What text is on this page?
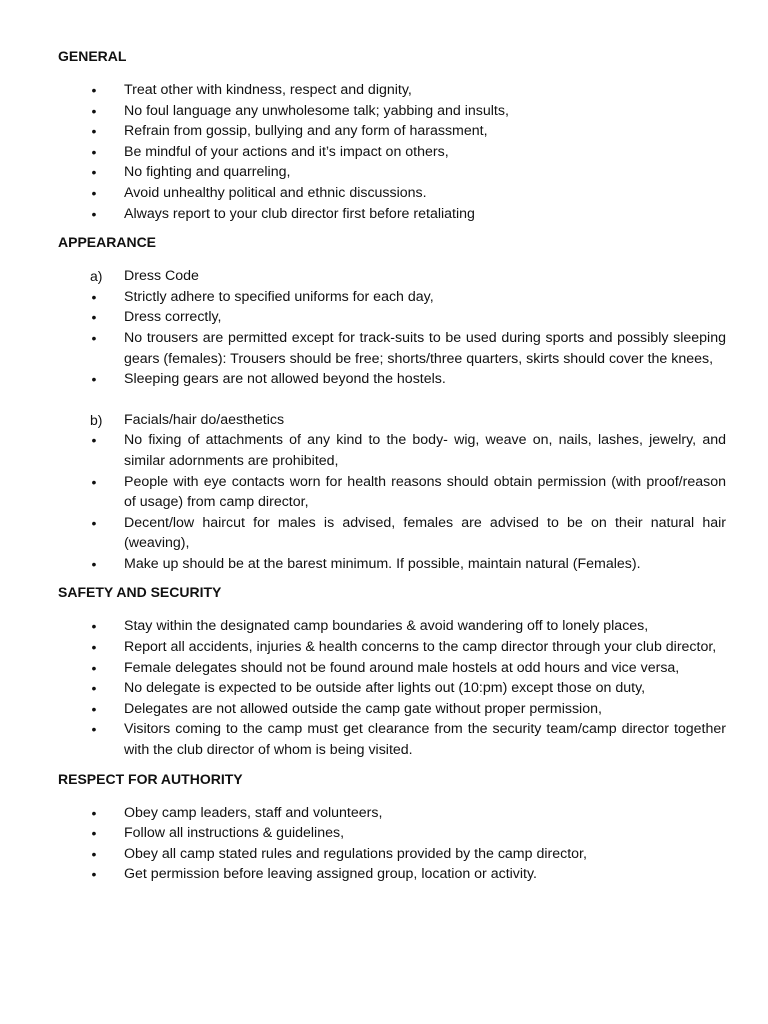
GENERAL

• Treat other with kindness, respect and dignity,
• No foul language any unwholesome talk; yabbing and insults,
• Refrain from gossip, bullying and any form of harassment,
• Be mindful of your actions and it’s impact on others,
• No fighting and quarreling,
• Avoid unhealthy political and ethnic discussions.
• Always report to your club director first before retaliating

APPEARANCE

a) Dress Code
• Strictly adhere to specified uniforms for each day,
• Dress correctly,
• No trousers are permitted except for track-suits to be used during sports and possibly sleeping gears (females): Trousers should be free; shorts/three quarters, skirts should cover the knees,
• Sleeping gears are not allowed beyond the hostels.
b) Facials/hair do/aesthetics
• No fixing of attachments of any kind to the body- wig, weave on, nails, lashes, jewelry, and similar adornments are prohibited,
• People with eye contacts worn for health reasons should obtain permission (with proof/reason of usage) from camp director,
• Decent/low haircut for males is advised, females are advised to be on their natural hair (weaving),
• Make up should be at the barest minimum. If possible, maintain natural (Females).

SAFETY AND SECURITY

• Stay within the designated camp boundaries & avoid wandering off to lonely places,
• Report all accidents, injuries & health concerns to the camp director through your club director,
• Female delegates should not be found around male hostels at odd hours and vice versa,
• No delegate is expected to be outside after lights out (10:pm) except those on duty,
• Delegates are not allowed outside the camp gate without proper permission,
• Visitors coming to the camp must get clearance from the security team/camp director together with the club director of whom is being visited.

RESPECT FOR AUTHORITY

• Obey camp leaders, staff and volunteers,
• Follow all instructions & guidelines,
• Obey all camp stated rules and regulations provided by the camp director,
• Get permission before leaving assigned group, location or activity.
